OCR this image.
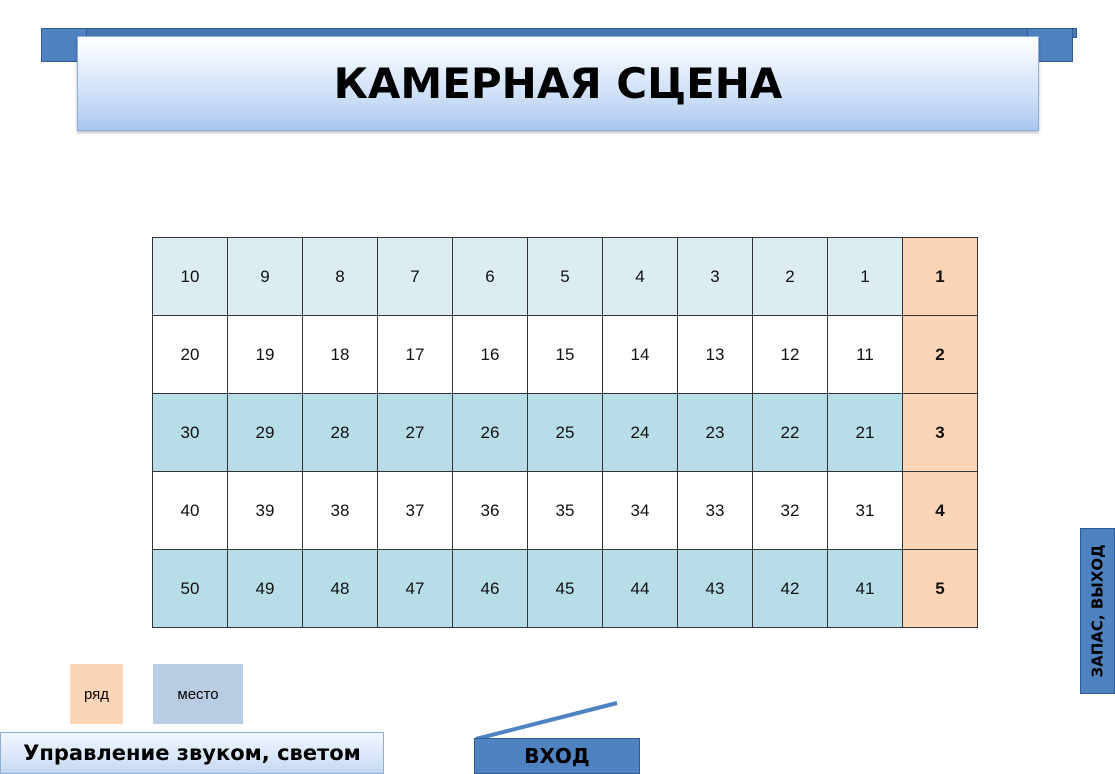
КАМЕРНАЯ СЦЕНА
10	9	8	7	6	5	4	3	2	1	1
20	19	18	17	16	15	14	13	12	11	2
30	29	28	27	26	25	24	23	22	21	3
40	39	38	37	36	35	34	33	32	31	4
50	49	48	47	46	45	44	43	42	41	5
ряд	место
Управление звуком, светом	ВХОД
ЗАПАС, ВЫХОД
